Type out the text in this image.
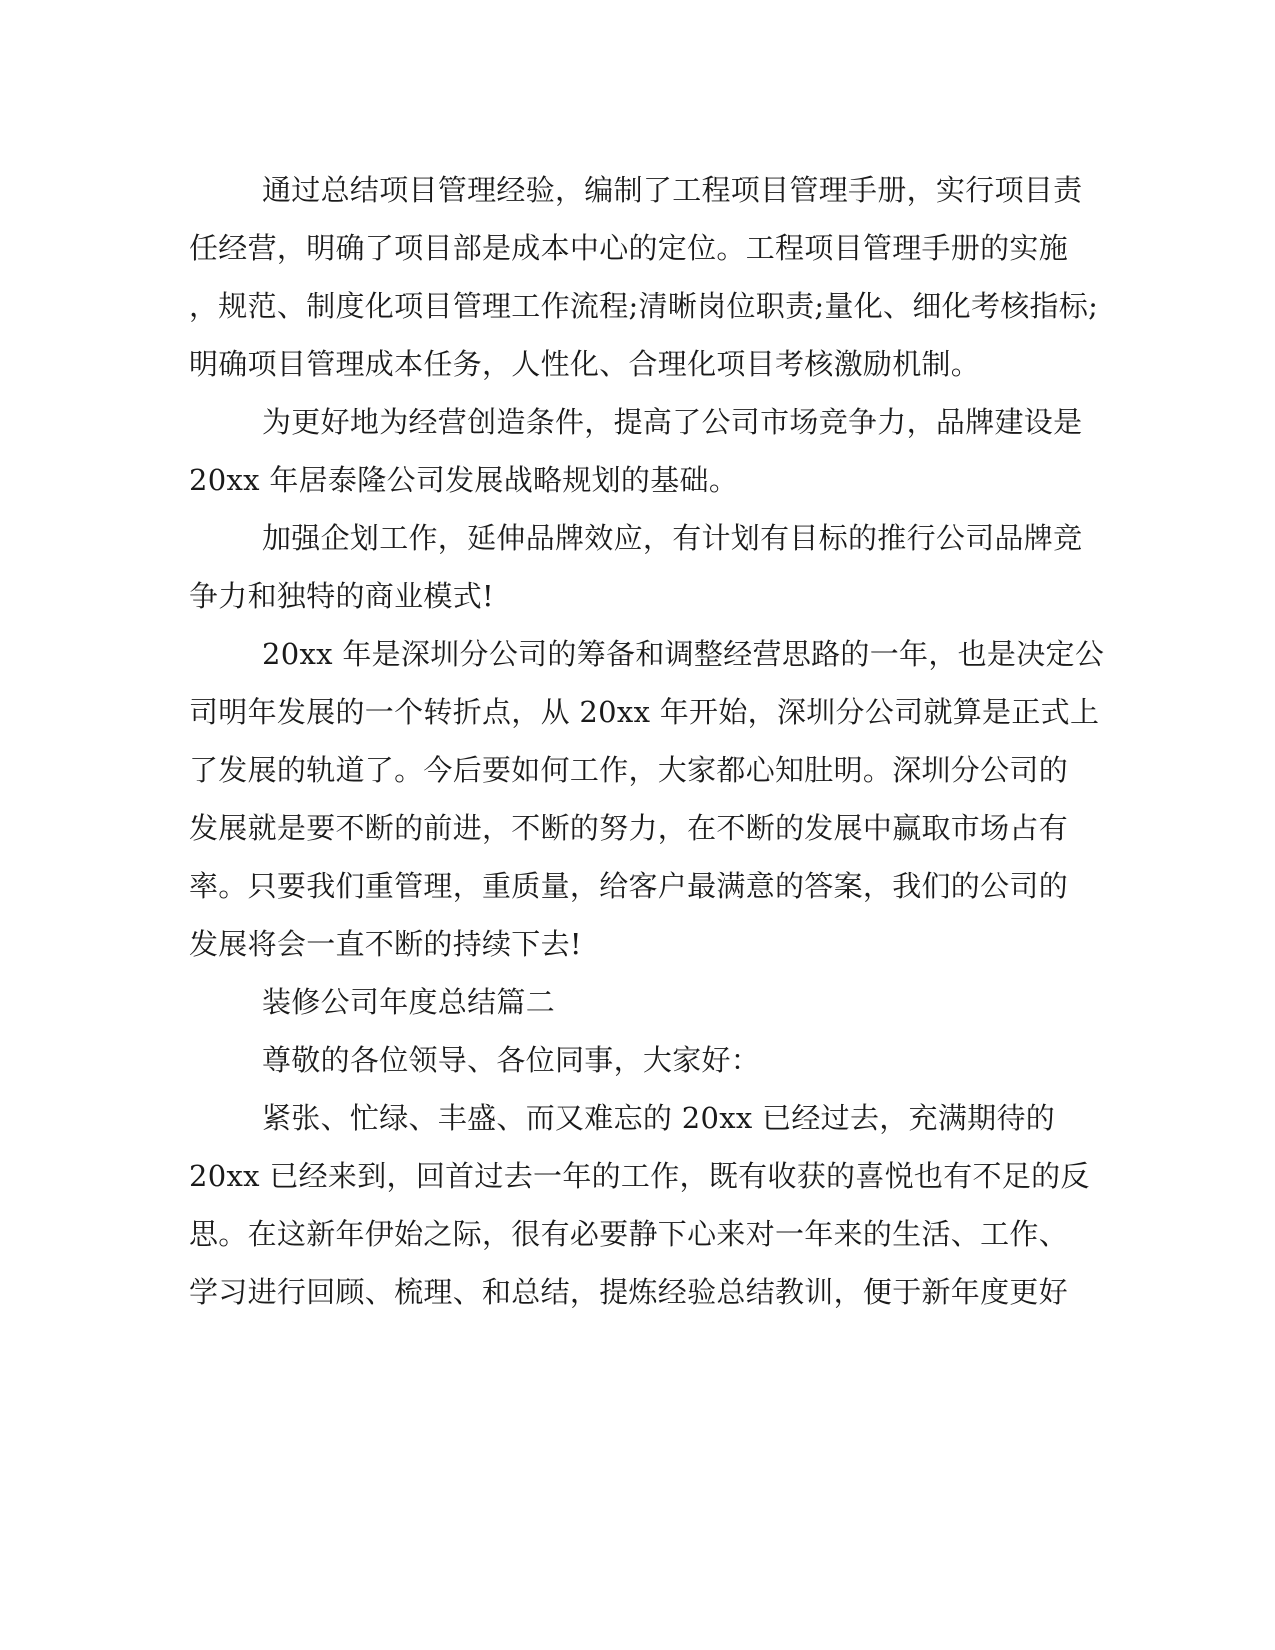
通过总结项目管理经验，编制了工程项目管理手册，实行项目责

任经营，明确了项目部是成本中心的定位。工程项目管理手册的实施

，规范、制度化项目管理工作流程;清晰岗位职责;量化、细化考核指标;

明确项目管理成本任务，人性化、合理化项目考核激励机制。

为更好地为经营创造条件，提高了公司市场竞争力，品牌建设是

20xx 年居泰隆公司发展战略规划的基础。

加强企划工作，延伸品牌效应，有计划有目标的推行公司品牌竞

争力和独特的商业模式!

20xx 年是深圳分公司的筹备和调整经营思路的一年，也是决定公

司明年发展的一个转折点，从 20xx 年开始，深圳分公司就算是正式上

了发展的轨道了。今后要如何工作，大家都心知肚明。深圳分公司的

发展就是要不断的前进，不断的努力，在不断的发展中赢取市场占有

率。只要我们重管理，重质量，给客户最满意的答案，我们的公司的

发展将会一直不断的持续下去!

装修公司年度总结篇二

尊敬的各位领导、各位同事，大家好：

紧张、忙绿、丰盛、而又难忘的 20xx 已经过去，充满期待的

20xx 已经来到，回首过去一年的工作，既有收获的喜悦也有不足的反

思。在这新年伊始之际，很有必要静下心来对一年来的生活、工作、

学习进行回顾、梳理、和总结，提炼经验总结教训，便于新年度更好
